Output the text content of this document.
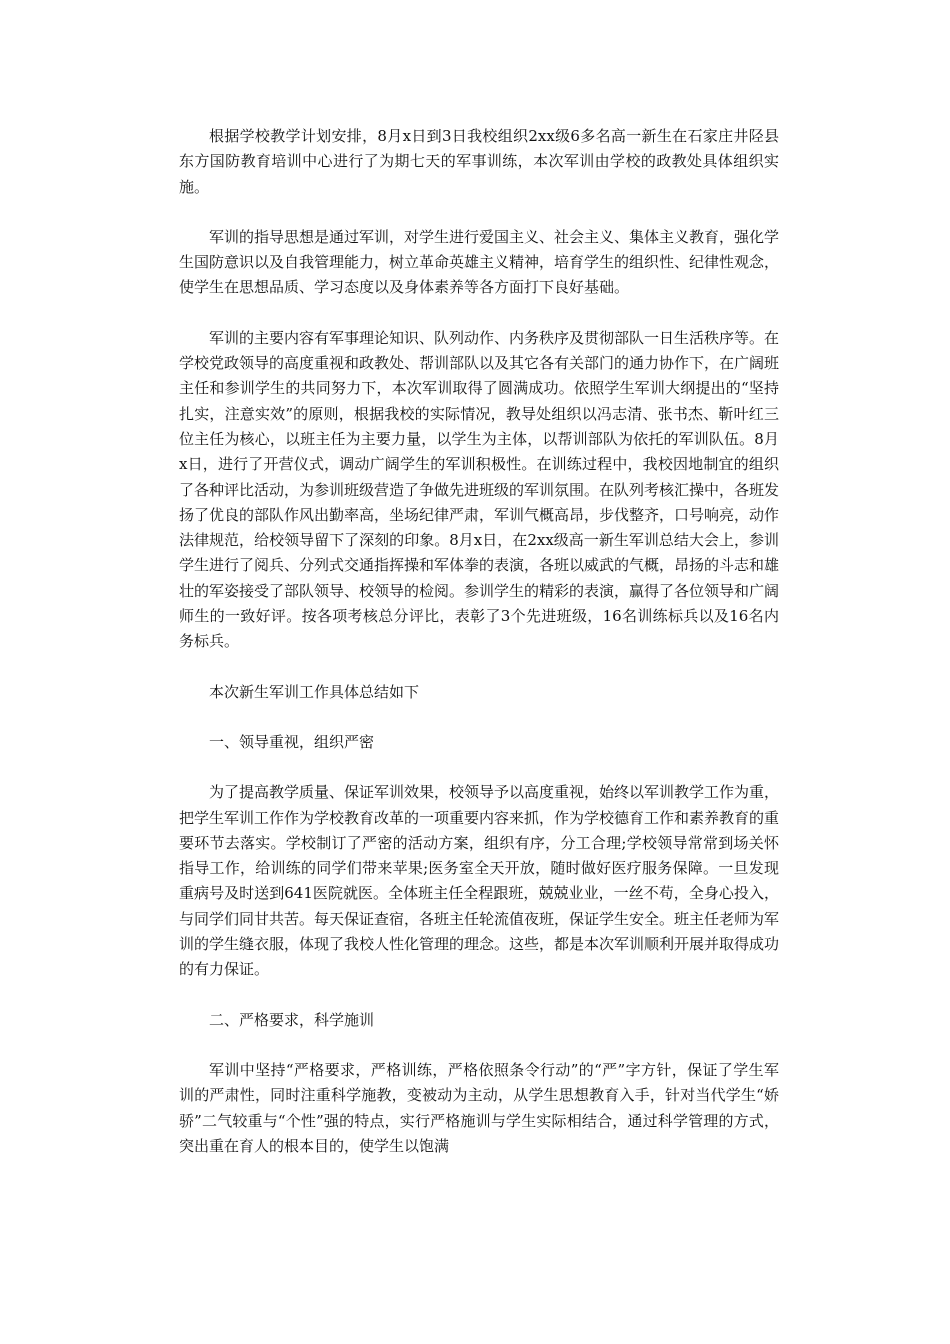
根据学校教学计划安排，8月x日到3日我校组织2xx级6多名高一新生在石家庄井陉县东方国防教育培训中心进行了为期七天的军事训练，本次军训由学校的政教处具体组织实施。

军训的指导思想是通过军训，对学生进行爱国主义、社会主义、集体主义教育，强化学生国防意识以及自我管理能力，树立革命英雄主义精神，培育学生的组织性、纪律性观念，使学生在思想品质、学习态度以及身体素养等各方面打下良好基础。

军训的主要内容有军事理论知识、队列动作、内务秩序及贯彻部队一日生活秩序等。在学校党政领导的高度重视和政教处、帮训部队以及其它各有关部门的通力协作下，在广阔班主任和参训学生的共同努力下，本次军训取得了圆满成功。依照学生军训大纲提出的“坚持扎实，注意实效”的原则，根据我校的实际情况，教导处组织以冯志清、张书杰、靳叶红三位主任为核心，以班主任为主要力量，以学生为主体，以帮训部队为依托的军训队伍。8月x日，进行了开营仪式，调动广阔学生的军训积极性。在训练过程中，我校因地制宜的组织了各种评比活动，为参训班级营造了争做先进班级的军训氛围。在队列考核汇操中，各班发扬了优良的部队作风出勤率高，坐场纪律严肃，军训气概高昂，步伐整齐，口号响亮，动作法律规范，给校领导留下了深刻的印象。8月x日，在2xx级高一新生军训总结大会上，参训学生进行了阅兵、分列式交通指挥操和军体拳的表演，各班以威武的气概，昂扬的斗志和雄壮的军姿接受了部队领导、校领导的检阅。参训学生的精彩的表演，赢得了各位领导和广阔师生的一致好评。按各项考核总分评比，表彰了3个先进班级，16名训练标兵以及16名内务标兵。

本次新生军训工作具体总结如下

一、领导重视，组织严密

为了提高教学质量、保证军训效果，校领导予以高度重视，始终以军训教学工作为重，把学生军训工作作为学校教育改革的一项重要内容来抓，作为学校德育工作和素养教育的重要环节去落实。学校制订了严密的活动方案，组织有序，分工合理;学校领导常常到场关怀指导工作，给训练的同学们带来苹果;医务室全天开放，随时做好医疗服务保障。一旦发现重病号及时送到641医院就医。全体班主任全程跟班，兢兢业业，一丝不苟，全身心投入，与同学们同甘共苦。每天保证查宿，各班主任轮流值夜班，保证学生安全。班主任老师为军训的学生缝衣服，体现了我校人性化管理的理念。这些，都是本次军训顺利开展并取得成功的有力保证。

二、严格要求，科学施训

军训中坚持“严格要求，严格训练，严格依照条令行动”的“严”字方针，保证了学生军训的严肃性，同时注重科学施教，变被动为主动，从学生思想教育入手，针对当代学生“娇骄”二气较重与“个性”强的特点，实行严格施训与学生实际相结合，通过科学管理的方式，突出重在育人的根本目的，使学生以饱满
